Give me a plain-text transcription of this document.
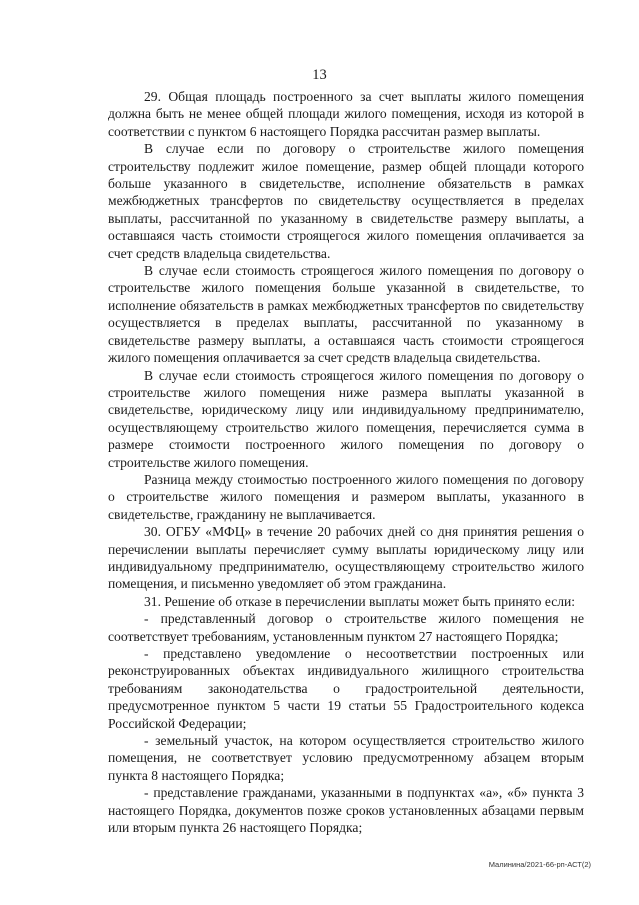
13

29. Общая площадь построенного за счет выплаты жилого помещения должна быть не менее общей площади жилого помещения, исходя из которой в соответствии с пунктом 6 настоящего Порядка рассчитан размер выплаты.

В случае если по договору о строительстве жилого помещения строительству подлежит жилое помещение, размер общей площади которого больше указанного в свидетельстве, исполнение обязательств в рамках межбюджетных трансфертов по свидетельству осуществляется в пределах выплаты, рассчитанной по указанному в свидетельстве размеру выплаты, а оставшаяся часть стоимости строящегося жилого помещения оплачивается за счет средств владельца свидетельства.

В случае если стоимость строящегося жилого помещения по договору о строительстве жилого помещения больше указанной в свидетельстве, то исполнение обязательств в рамках межбюджетных трансфертов по свидетельству осуществляется в пределах выплаты, рассчитанной по указанному в свидетельстве размеру выплаты, а оставшаяся часть стоимости строящегося жилого помещения оплачивается за счет средств владельца свидетельства.

В случае если стоимость строящегося жилого помещения по договору о строительстве жилого помещения ниже размера выплаты указанной в свидетельстве, юридическому лицу или индивидуальному предпринимателю, осуществляющему строительство жилого помещения, перечисляется сумма в размере стоимости построенного жилого помещения по договору о строительстве жилого помещения.

Разница между стоимостью построенного жилого помещения по договору о строительстве жилого помещения и размером выплаты, указанного в свидетельстве, гражданину не выплачивается.

30. ОГБУ «МФЦ» в течение 20 рабочих дней со дня принятия решения о перечислении выплаты перечисляет сумму выплаты юридическому лицу или индивидуальному предпринимателю, осуществляющему строительство жилого помещения, и письменно уведомляет об этом гражданина.

31. Решение об отказе в перечислении выплаты может быть принято если:

- представленный договор о строительстве жилого помещения не соответствует требованиям, установленным пунктом 27 настоящего Порядка;

- представлено уведомление о несоответствии построенных или реконструированных объектах индивидуального жилищного строительства требованиям законодательства о градостроительной деятельности, предусмотренное пунктом 5 части 19 статьи 55 Градостроительного кодекса Российской Федерации;

- земельный участок, на котором осуществляется строительство жилого помещения, не соответствует условию предусмотренному абзацем вторым пункта 8 настоящего Порядка;

- представление гражданами, указанными в подпунктах «а», «б» пункта 3 настоящего Порядка, документов позже сроков установленных абзацами первым или вторым пункта 26 настоящего Порядка;

Малинина/2021-66-рп-АСТ(2)
